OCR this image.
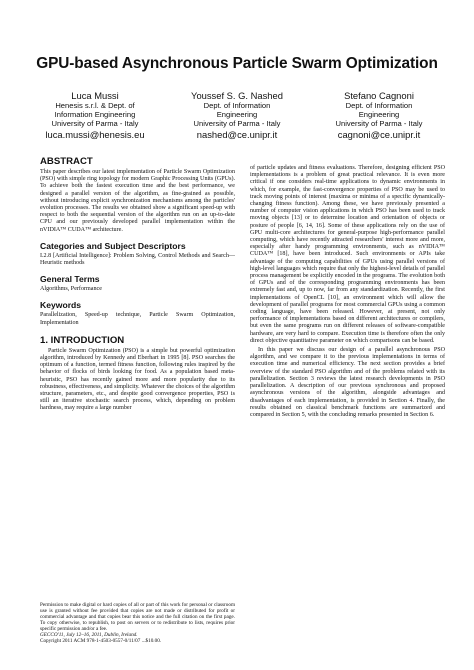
GPU-based Asynchronous Particle Swarm Optimization
Luca Mussi
Henesis s.r.l. & Dept. of
Information Engineering
University of Parma - Italy
luca.mussi@henesis.eu
Youssef S. G. Nashed
Dept. of Information
Engineering
University of Parma - Italy
nashed@ce.unipr.it
Stefano Cagnoni
Dept. of Information
Engineering
University of Parma - Italy
cagnoni@ce.unipr.it
ABSTRACT

This paper describes our latest implementation of Particle Swarm Optimization (PSO) with simple ring topology for modern Graphic Processing Units (GPUs). To achieve both the fastest execution time and the best performance, we designed a parallel version of the algorithm, as fine-grained as possible, without introducing explicit synchronization mechanisms among the particles' evolution processes. The results we obtained show a significant speed-up with respect to both the sequential version of the algorithm run on an up-to-date CPU and our previously developed parallel implementation within the nVIDIA™ CUDA™ architecture.

Categories and Subject Descriptors

I.2.8 [Artificial Intelligence]: Problem Solving, Control Methods and Search—Heuristic methods

General Terms

Algorithms, Performance

Keywords

Parallelization, Speed-up technique, Particle Swarm Optimization, Implementation

1. INTRODUCTION

Particle Swarm Optimization (PSO) is a simple but powerful optimization algorithm, introduced by Kennedy and Eberhart in 1995 [8]. PSO searches the optimum of a function, termed fitness function, following rules inspired by the behavior of flocks of birds looking for food. As a population based meta-heuristic, PSO has recently gained more and more popularity due to its robustness, effectiveness, and simplicity. Whatever the choices of the algorithm structure, parameters, etc., and despite good convergence properties, PSO is still an iterative stochastic search process, which, depending on problem hardness, may require a large number

Permission to make digital or hard copies of all or part of this work for personal or classroom use is granted without fee provided that copies are not made or distributed for profit or commercial advantage and that copies bear this notice and the full citation on the first page. To copy otherwise, to republish, to post on servers or to redistribute to lists, requires prior specific permission and/or a fee.
GECCO'11, July 12–16, 2011, Dublin, Ireland.
Copyright 2011 ACM 978-1-4503-0557-0/11/07 ...$10.00.

of particle updates and fitness evaluations. Therefore, designing efficient PSO implementations is a problem of great practical relevance. It is even more critical if one considers real-time applications to dynamic environments in which, for example, the fast-convergence properties of PSO may be used to track moving points of interest (maxima or minima of a specific dynamically-changing fitness function). Among these, we have previously presented a number of computer vision applications in which PSO has been used to track moving objects [13] or to determine location and orientation of objects or posture of people [6, 14, 16]. Some of these applications rely on the use of GPU multi-core architectures for general-purpose high-performance parallel computing, which have recently attracted researchers' interest more and more, especially after handy programming environments, such as nVIDIA™ CUDA™ [18], have been introduced. Such environments or APIs take advantage of the computing capabilities of GPUs using parallel versions of high-level languages which require that only the highest-level details of parallel process management be explicitly encoded in the programs. The evolution both of GPUs and of the corresponding programming environments has been extremely fast and, up to now, far from any standardization. Recently, the first implementations of OpenCL [10], an environment which will allow the development of parallel programs for most commercial GPUs using a common coding language, have been released. However, at present, not only performance of implementations based on different architectures or compilers, but even the same programs run on different releases of software-compatible hardware, are very hard to compare. Execution time is therefore often the only direct objective quantitative parameter on which comparisons can be based.

In this paper we discuss our design of a parallel asynchronous PSO algorithm, and we compare it to the previous implementations in terms of execution time and numerical efficiency. The next section provides a brief overview of the standard PSO algorithm and of the problems related with its parallelization. Section 3 reviews the latest research developments in PSO parallelization. A description of our previous synchronous and proposed asynchronous versions of the algorithm, alongside advantages and disadvantages of each implementation, is provided in Section 4. Finally, the results obtained on classical benchmark functions are summarized and compared in Section 5, with the concluding remarks presented in Section 6.
